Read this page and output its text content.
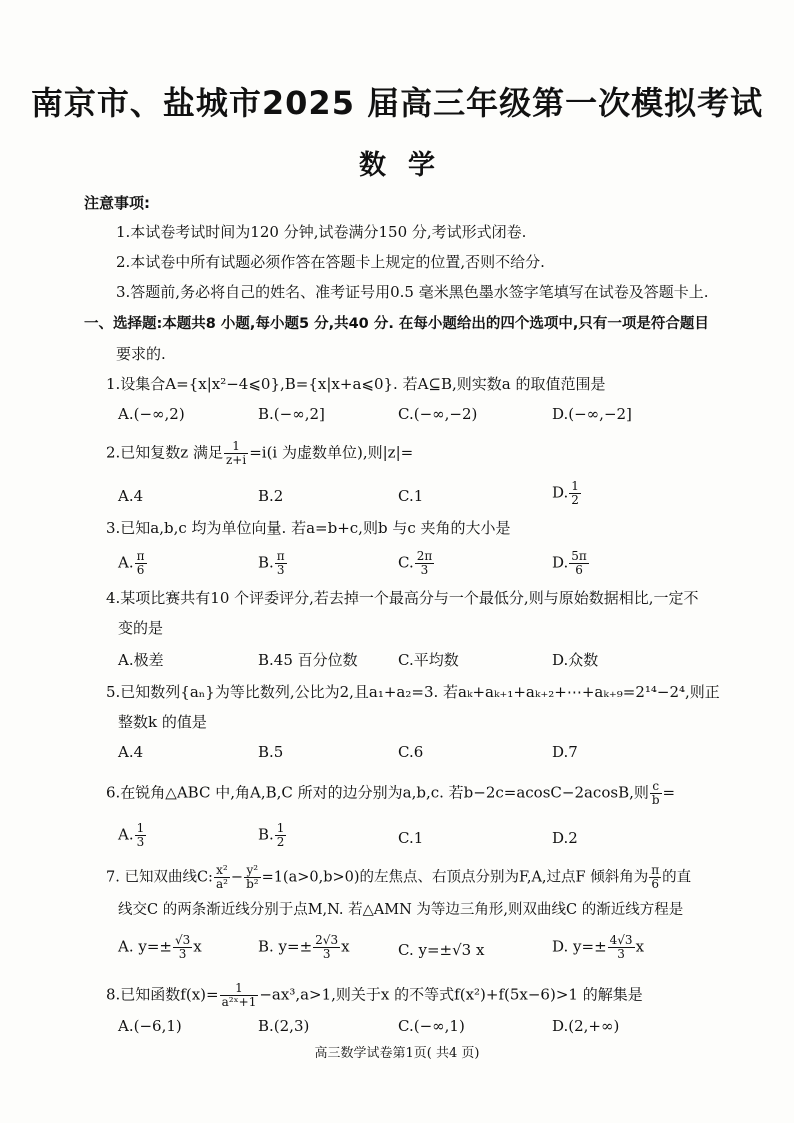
南京市、盐城市2025 届高三年级第一次模拟考试
数学
注意事项:
1.本试卷考试时间为120 分钟,试卷满分150 分,考试形式闭卷.
2.本试卷中所有试题必须作答在答题卡上规定的位置,否则不给分.
3.答题前,务必将自己的姓名、准考证号用0.5 毫米黑色墨水签字笔填写在试卷及答题卡上.
一、选择题:本题共8 小题,每小题5 分,共40 分. 在每小题给出的四个选项中,只有一项是符合题目
要求的.
1.设集合A={x|x²−4⩽0},B={x|x+a⩽0}. 若A⊆B,则实数a 的取值范围是
A.(−∞,2)	B.(−∞,2]	C.(−∞,−2)	D.(−∞,−2]
2.已知复数z 满足 $\frac{1}{z+i} =i(i$ 为虚数单位),则|z|=
A.4	B.2	C.1	D. $\frac{1}{2}$
3.已知a,b,c 均为单位向量. 若a=b+c,则b 与c 夹角的大小是
A. $\frac{\pi}{6}$	B. $\frac{\pi}{3}$	C. $\frac{2\pi}{3}$	D. $\frac{5\pi}{6}$
4.某项比赛共有10 个评委评分,若去掉一个最高分与一个最低分,则与原始数据相比,一定不
变的是
A.极差	B.45 百分位数	C.平均数	D.众数
5.已知数列{aₙ}为等比数列,公比为2,且a₁+a₂=3. 若aₖ+aₖ₊₁+aₖ₊₂+⋯+aₖ₊₉=2¹⁴−2⁴,则正
整数k 的值是
A.4	B.5	C.6	D.7
6.在锐角△ABC 中,角A,B,C 所对的边分别为a,b,c. 若b−2c=acosC−2acosB,则 $\frac{c}{b}$ =
A. $\frac{1}{3}$	B. $\frac{1}{2}$	C.1	D.2
7. 已知双曲线C: $\frac{\text{x²}}{\text{a²}} - \frac{\text{y²}}{\text{b²}} =1(a>0,b>0)$的左焦点、右顶点分别为F,A,过点F 倾斜角为 $\frac{\pi}{6}$ 的直
线交C 的两条渐近线分别于点M,N. 若△AMN 为等边三角形,则双曲线C 的渐近线方程是
A. $y=\pm \frac{√3}{3}$ x	B. $y=\pm \frac{2√3}{3}$ x	C. y=±√3 x	D. $y=\pm \frac{4√3}{3}$ x
8.已知函数$f(x)= \frac{1}{\text{a²ˣ+1}} -ax^3,a>1$,则关于x 的不等式f(x²)+f(5x−6)>1 的解集是
A.(−6,1)	B.(2,3)	C.(−∞,1)	D.(2,+∞)
高三数学试卷第1页( 共4 页)
